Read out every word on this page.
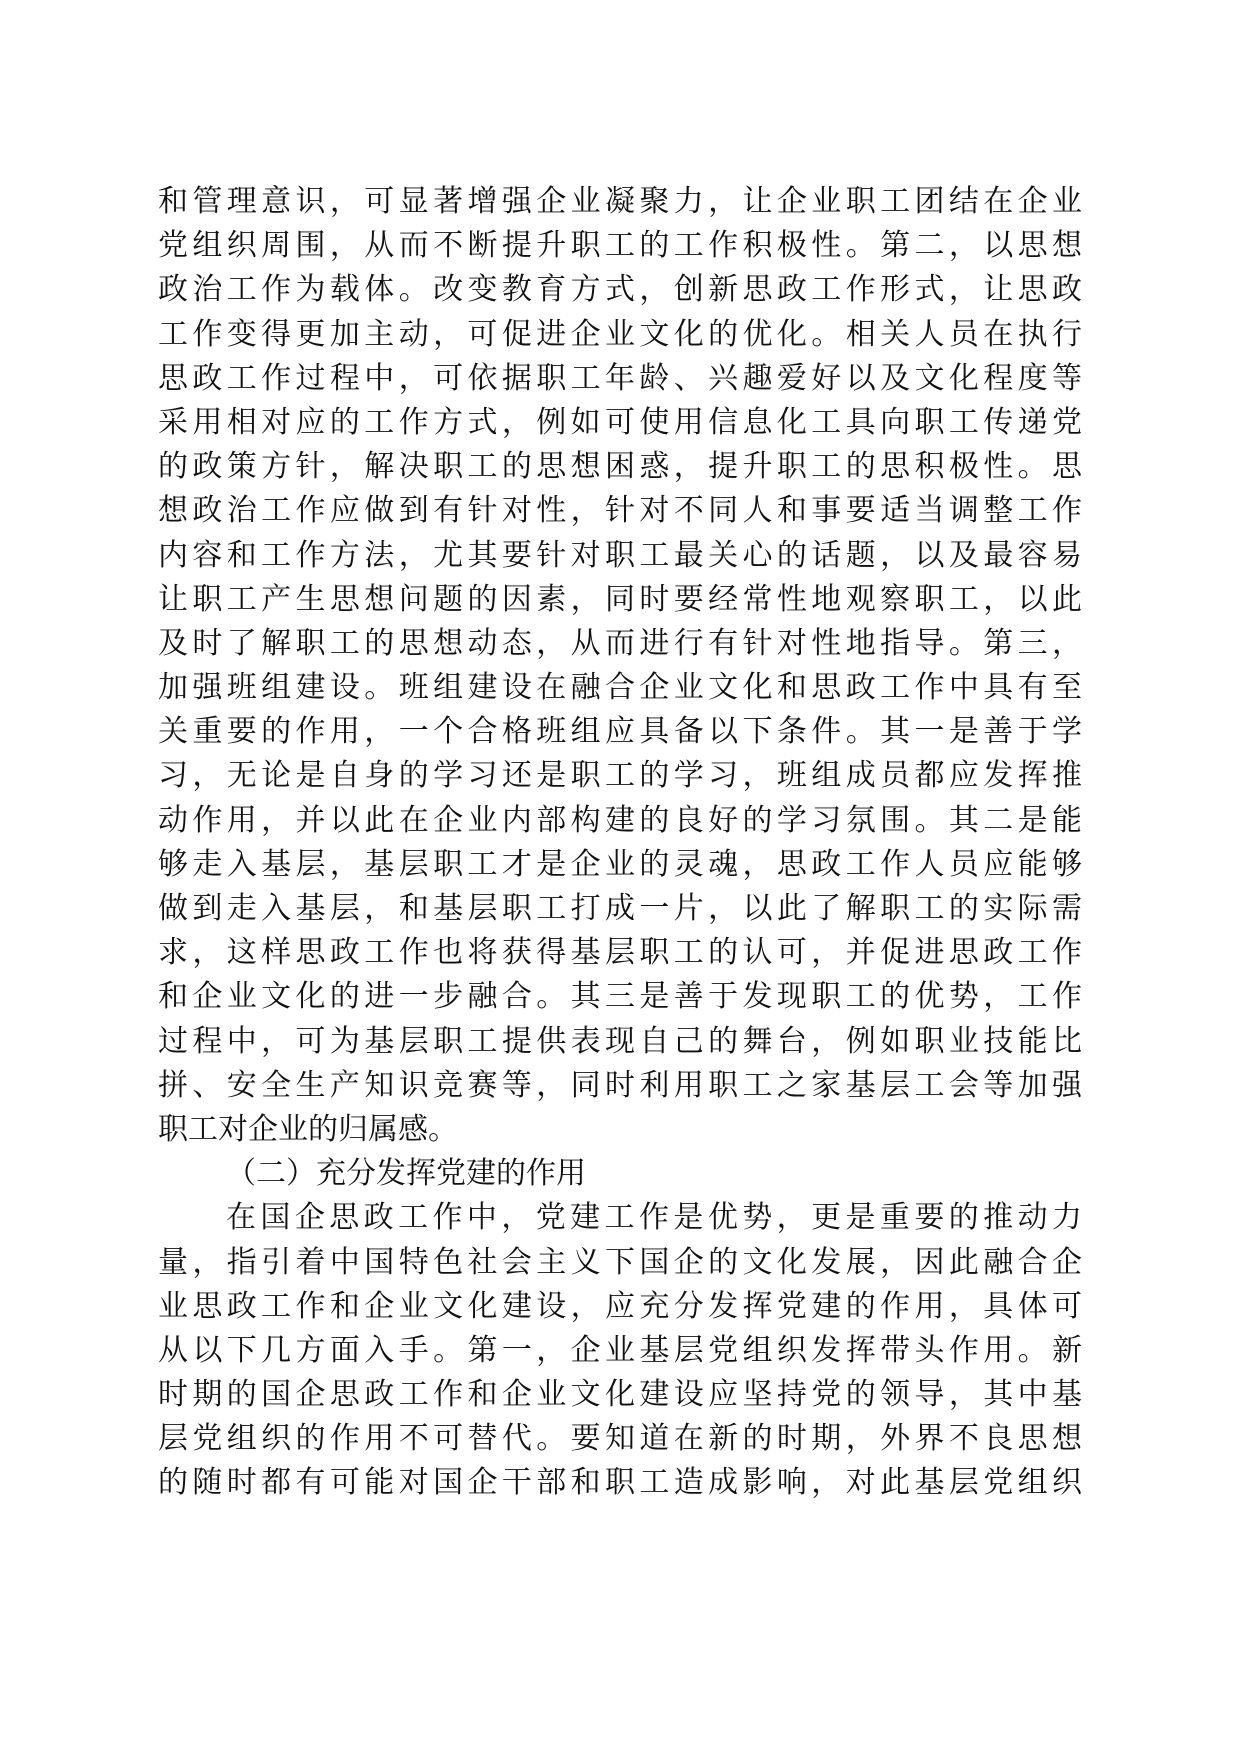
和管理意识，可显著增强企业凝聚力，让企业职工团结在企业
党组织周围，从而不断提升职工的工作积极性。第二，以思想
政治工作为载体。改变教育方式，创新思政工作形式，让思政
工作变得更加主动，可促进企业文化的优化。相关人员在执行
思政工作过程中，可依据职工年龄、兴趣爱好以及文化程度等
采用相对应的工作方式，例如可使用信息化工具向职工传递党
的政策方针，解决职工的思想困惑，提升职工的思积极性。思
想政治工作应做到有针对性，针对不同人和事要适当调整工作
内容和工作方法，尤其要针对职工最关心的话题，以及最容易
让职工产生思想问题的因素，同时要经常性地观察职工，以此
及时了解职工的思想动态，从而进行有针对性地指导。第三，
加强班组建设。班组建设在融合企业文化和思政工作中具有至
关重要的作用，一个合格班组应具备以下条件。其一是善于学
习，无论是自身的学习还是职工的学习，班组成员都应发挥推
动作用，并以此在企业内部构建的良好的学习氛围。其二是能
够走入基层，基层职工才是企业的灵魂，思政工作人员应能够
做到走入基层，和基层职工打成一片，以此了解职工的实际需
求，这样思政工作也将获得基层职工的认可，并促进思政工作
和企业文化的进一步融合。其三是善于发现职工的优势，工作
过程中，可为基层职工提供表现自己的舞台，例如职业技能比
拼、安全生产知识竞赛等，同时利用职工之家基层工会等加强
职工对企业的归属感。
（二）充分发挥党建的作用
在国企思政工作中，党建工作是优势，更是重要的推动力
量，指引着中国特色社会主义下国企的文化发展，因此融合企
业思政工作和企业文化建设，应充分发挥党建的作用，具体可
从以下几方面入手。第一，企业基层党组织发挥带头作用。新
时期的国企思政工作和企业文化建设应坚持党的领导，其中基
层党组织的作用不可替代。要知道在新的时期，外界不良思想
的随时都有可能对国企干部和职工造成影响，对此基层党组织
